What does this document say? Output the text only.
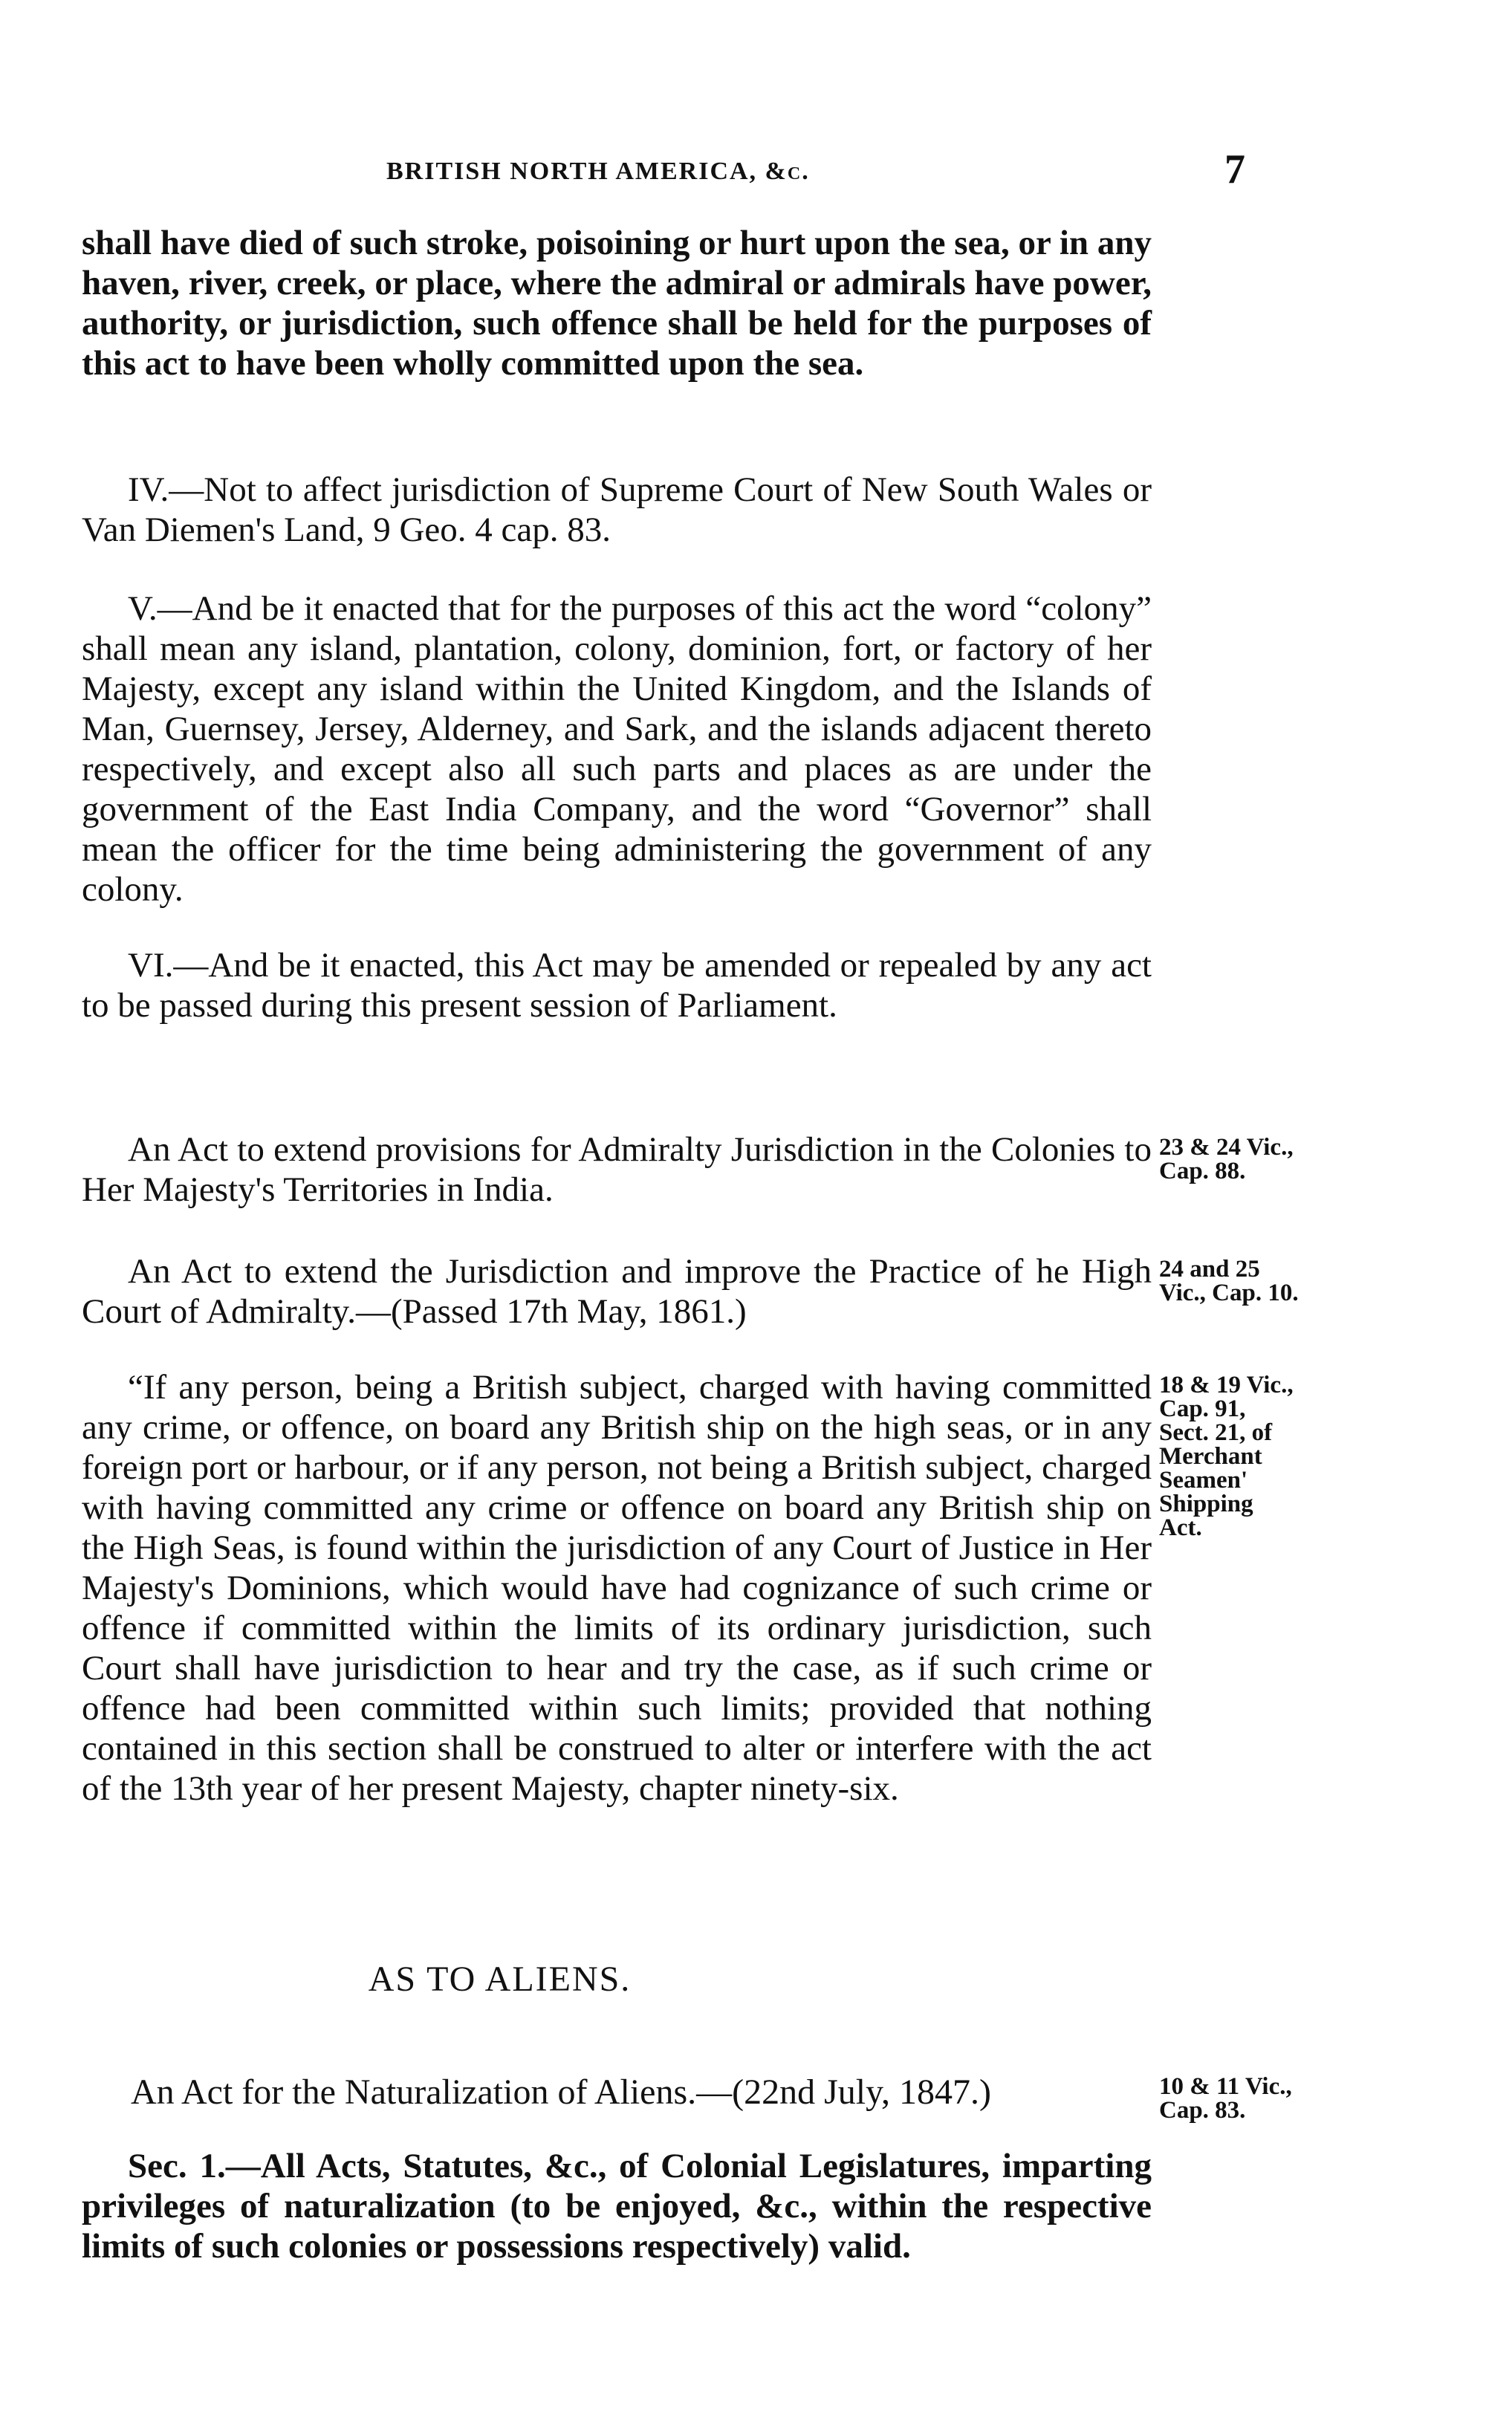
BRITISH NORTH AMERICA, &c.	7

shall have died of such stroke, poisoining or hurt upon the sea, or in any haven, river, creek, or place, where the admiral or admirals have power, authority, or jurisdiction, such offence shall be held for the purposes of this act to have been wholly committed upon the sea.

IV.—Not to affect jurisdiction of Supreme Court of New South Wales or Van Diemen's Land, 9 Geo. 4 cap. 83.

V.—And be it enacted that for the purposes of this act the word “colony” shall mean any island, plantation, colony, dominion, fort, or factory of her Majesty, except any island within the United Kingdom, and the Islands of Man, Guernsey, Jersey, Alderney, and Sark, and the islands adjacent thereto respectively, and except also all such parts and places as are under the government of the East India Company, and the word “Governor” shall mean the officer for the time being administering the government of any colony.

VI.—And be it enacted, this Act may be amended or repealed by any act to be passed during this present session of Parliament.

An Act to extend provisions for Admiralty Jurisdiction in the Colonies to Her Majesty's Territories in India.

23 & 24 Vic., Cap. 88.

An Act to extend the Jurisdiction and improve the Practice of he High Court of Admiralty.—(Passed 17th May, 1861.)

24 and 25 Vic., Cap. 10.

“If any person, being a British subject, charged with having committed any crime, or offence, on board any British ship on the high seas, or in any foreign port or harbour, or if any person, not being a British subject, charged with having committed any crime or offence on board any British ship on the High Seas, is found within the jurisdiction of any Court of Justice in Her Majesty's Dominions, which would have had cognizance of such crime or offence if committed within the limits of its ordinary jurisdiction, such Court shall have jurisdiction to hear and try the case, as if such crime or offence had been committed within such limits; provided that nothing contained in this section shall be construed to alter or interfere with the act of the 13th year of her present Majesty, chapter ninety-six.

18 & 19 Vic., Cap. 91, Sect. 21, of Merchant Seamen' Shipping Act.
AS TO ALIENS.

An Act for the Naturalization of Aliens.—(22nd July, 1847.)	10 & 11 Vic., Cap. 83.

Sec. 1.—All Acts, Statutes, &c., of Colonial Legislatures, imparting privileges of naturalization (to be enjoyed, &c., within the respective limits of such colonies or possessions respectively) valid.
